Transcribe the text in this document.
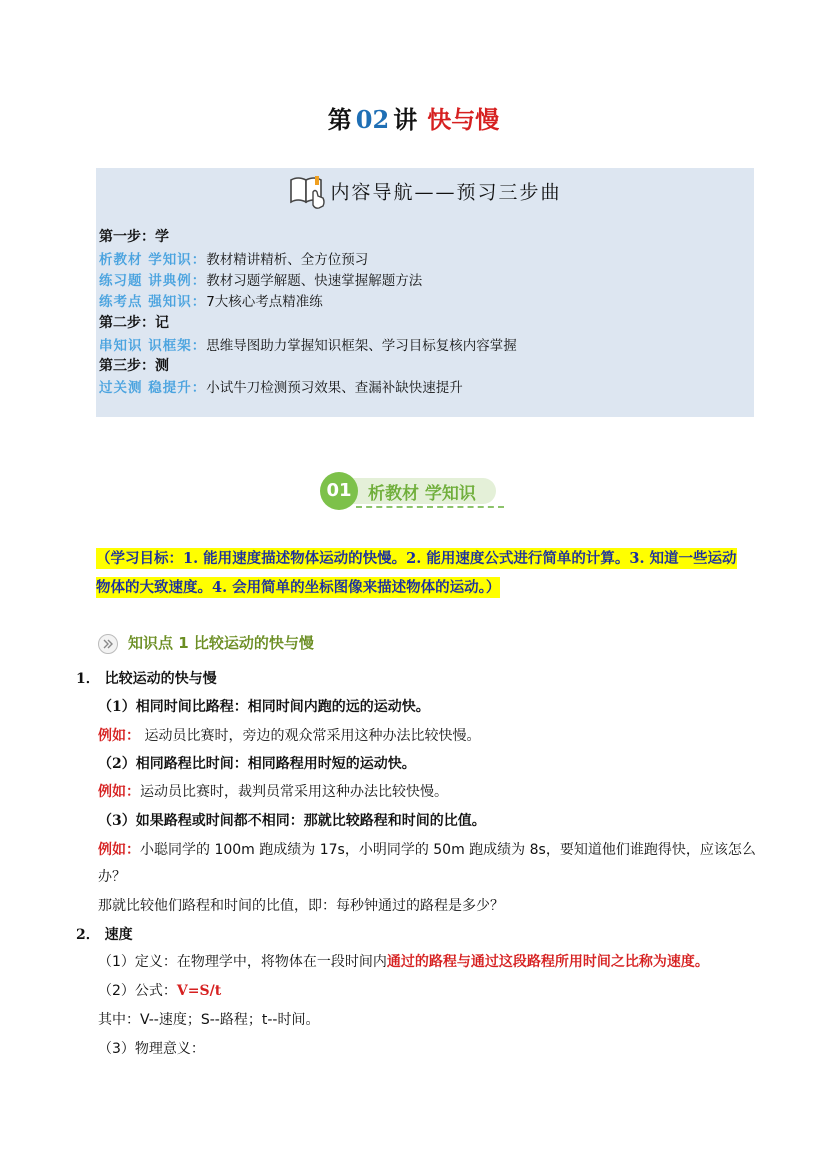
第 02 讲 快与慢
内容导航——预习三步曲
第一步：学
析教材 学知识：教材精讲精析、全方位预习
练习题 讲典例：教材习题学解题、快速掌握解题方法
练考点 强知识：7大核心考点精准练
第二步：记
串知识 识框架：思维导图助力掌握知识框架、学习目标复核内容掌握
第三步：测
过关测 稳提升：小试牛刀检测预习效果、查漏补缺快速提升
01 析教材 学知识
（学习目标：1. 能用速度描述物体运动的快慢。2. 能用速度公式进行简单的计算。3. 知道一些运动
物体的大致速度。4. 会用简单的坐标图像来描述物体的运动。）
知识点 1 比较运动的快与慢
1． 比较运动的快与慢
（1）相同时间比路程：相同时间内跑的远的运动快。
例如： 运动员比赛时，旁边的观众常采用这种办法比较快慢。
（2）相同路程比时间：相同路程用时短的运动快。
例如：运动员比赛时，裁判员常采用这种办法比较快慢。
（3）如果路程或时间都不相同：那就比较路程和时间的比值。
例如：小聪同学的 100m 跑成绩为 17s，小明同学的 50m 跑成绩为 8s，要知道他们谁跑得快，应该怎么
办？
那就比较他们路程和时间的比值，即：每秒钟通过的路程是多少？
2． 速度
（1）定义：在物理学中，将物体在一段时间内通过的路程与通过这段路程所用时间之比称为速度。
（2）公式：V=S/t
其中：V--速度；S--路程；t--时间。
（3）物理意义：
